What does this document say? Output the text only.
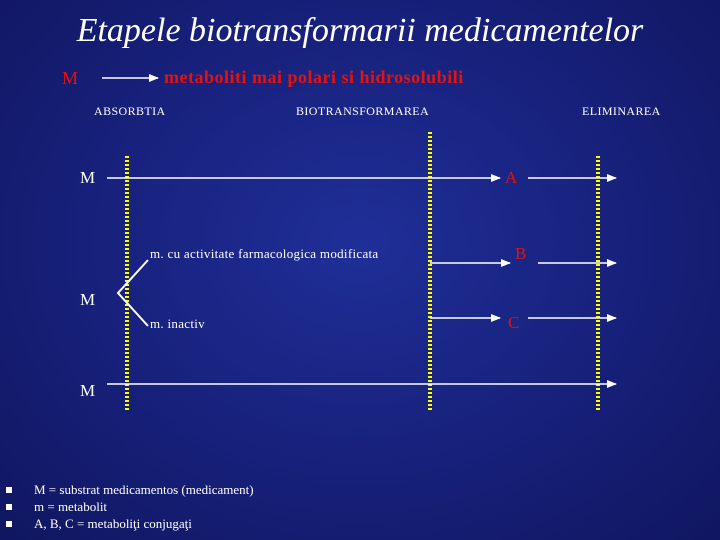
Etapele biotransformarii medicamentelor
M	metaboliti mai polari si hidrosolubili
ABSORBTIA	BIOTRANSFORMAREA	ELIMINAREA
M
M
M
A
B
C
m. cu activitate farmacologica modificata
m. inactiv
M = substrat medicamentos (medicament)
m = metabolit
A, B, C = metaboliţi conjugaţi
